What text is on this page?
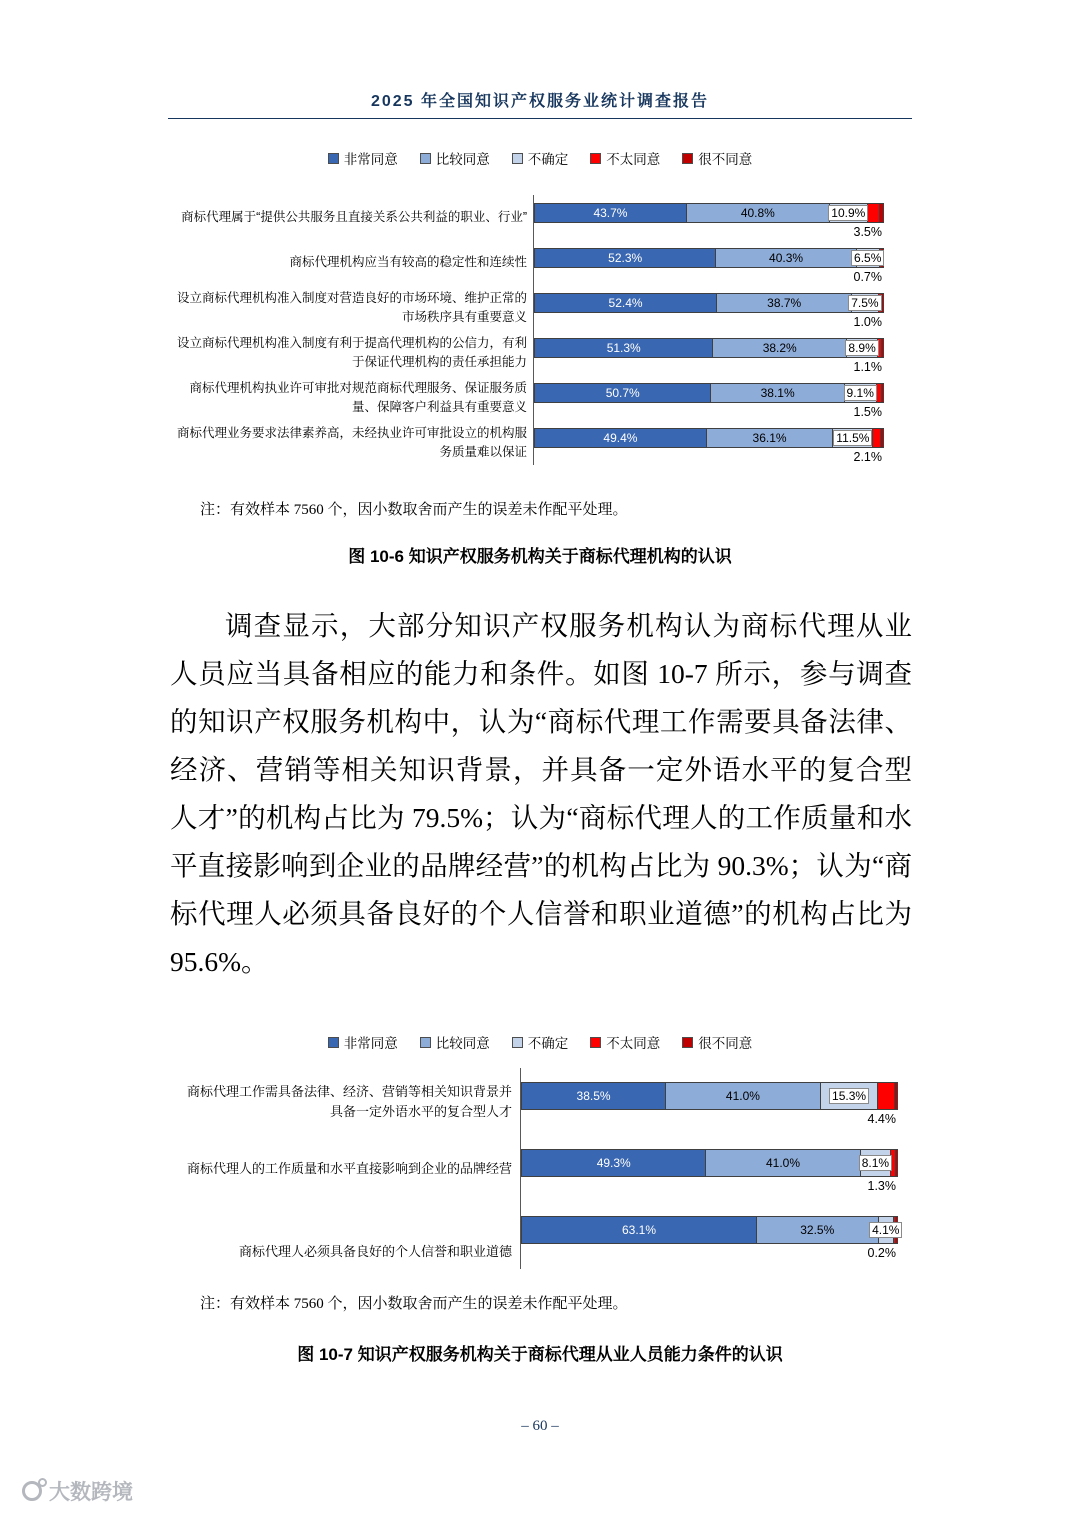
2025 年全国知识产权服务业统计调查报告
非常同意	比较同意	不确定	不太同意	很不同意
商标代理属于“提供公共服务且直接关系公共利益的职业、行业”	43.7%	40.8%	10.9%
3.5%
商标代理机构应当有较高的稳定性和连续性	52.3%	40.3%	6.5%
0.7%
设立商标代理机构准入制度对营造良好的市场环境、维护正常的市场秩序具有重要意义
52.4%	38.7%	7.5%
1.0%
设立商标代理机构准入制度有利于提高代理机构的公信力，有利于保证代理机构的责任承担能力
51.3%	38.2%	8.9%
1.1%
商标代理机构执业许可审批对规范商标代理服务、保证服务质量、保障客户利益具有重要意义
50.7%	38.1%	9.1%
1.5%
商标代理业务要求法律素养高，未经执业许可审批设立的机构服务质量难以保证
49.4%	36.1%	11.5%
2.1%
注：有效样本 7560 个，因小数取舍而产生的误差未作配平处理。
图 10-6 知识产权服务机构关于商标代理机构的认识
调查显示，大部分知识产权服务机构认为商标代理从业人员应当具备相应的能力和条件。如图 10-7 所示，参与调查的知识产权服务机构中，认为“商标代理工作需要具备法律、经济、营销等相关知识背景，并具备一定外语水平的复合型人才”的机构占比为 79.5%；认为“商标代理人的工作质量和水平直接影响到企业的品牌经营”的机构占比为 90.3%；认为“商标代理人必须具备良好的个人信誉和职业道德”的机构占比为 95.6%。
非常同意	比较同意	不确定	不太同意	很不同意
商标代理工作需具备法律、经济、营销等相关知识背景并具备一定外语水平的复合型人才
38.5%	41.0%	15.3%
4.4%
商标代理人的工作质量和水平直接影响到企业的品牌经营	49.3%	41.0%	8.1%
1.3%
商标代理人必须具备良好的个人信誉和职业道德
63.1%	32.5%	4.1%
0.2%
注：有效样本 7560 个，因小数取舍而产生的误差未作配平处理。
图 10-7 知识产权服务机构关于商标代理从业人员能力条件的认识
– 60 –
大数跨境
